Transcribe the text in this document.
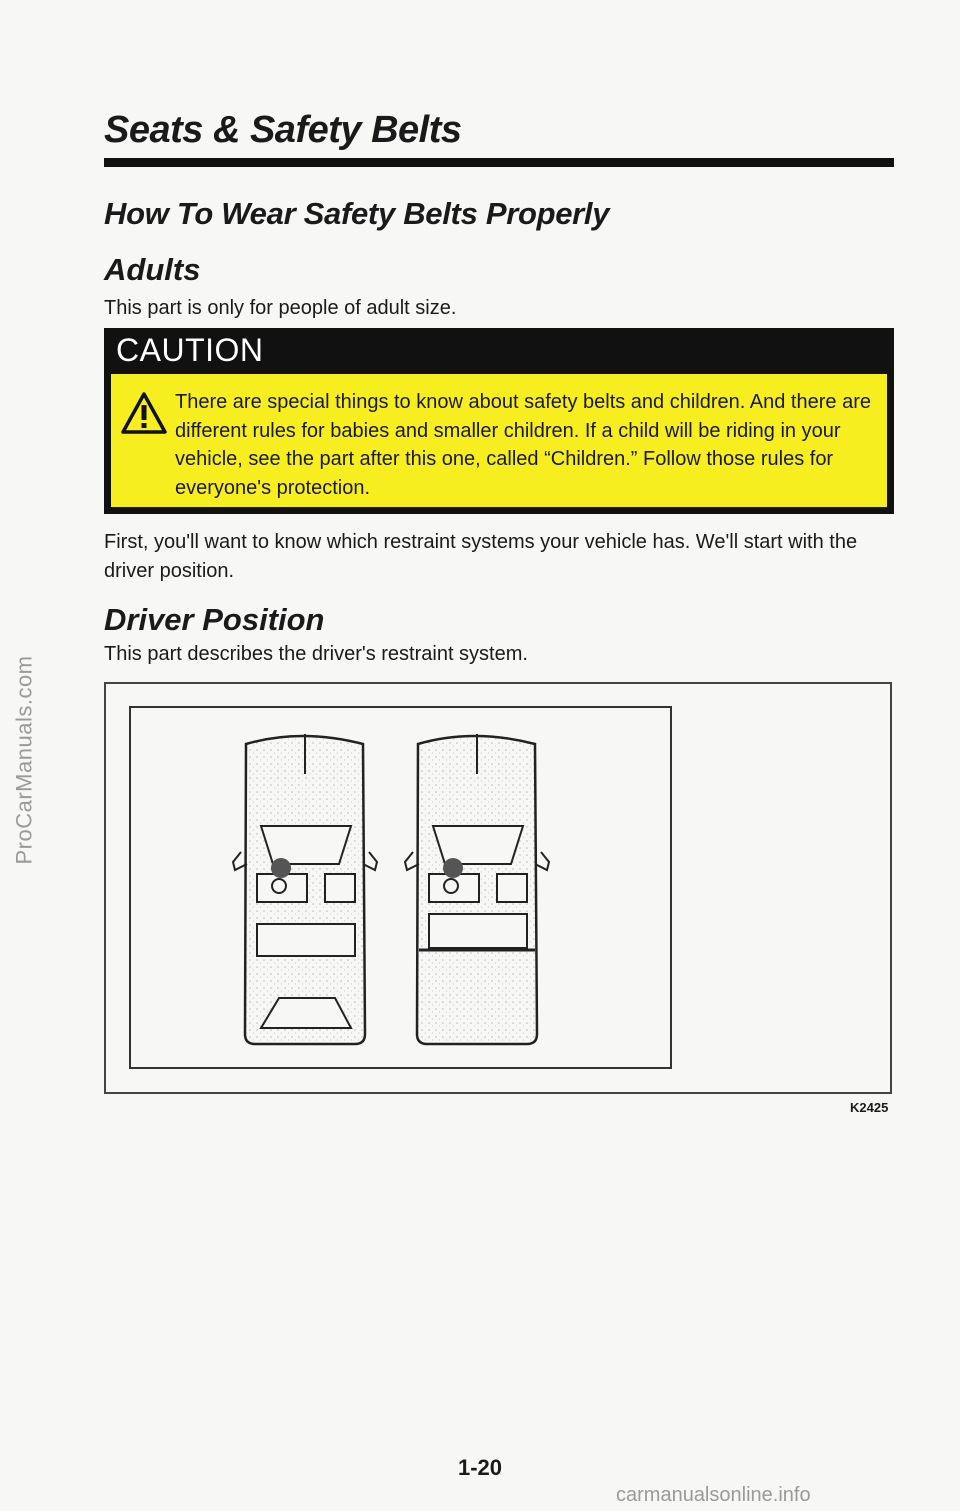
ProCarManuals.com
Seats & Safety Belts
How To Wear Safety Belts Properly
Adults

This part is only for people of adult size.

CAUTION

There are special things to know about safety belts and children. And there are different rules for babies and smaller children. If a child will be riding in your vehicle, see the part after this one, called “Children.” Follow those rules for everyone's protection.

First, you'll want to know which restraint systems your vehicle has. We'll start with the driver position.

Driver Position

This part describes the driver's restraint system.

K2425
1-20
carmanualsonline.info
